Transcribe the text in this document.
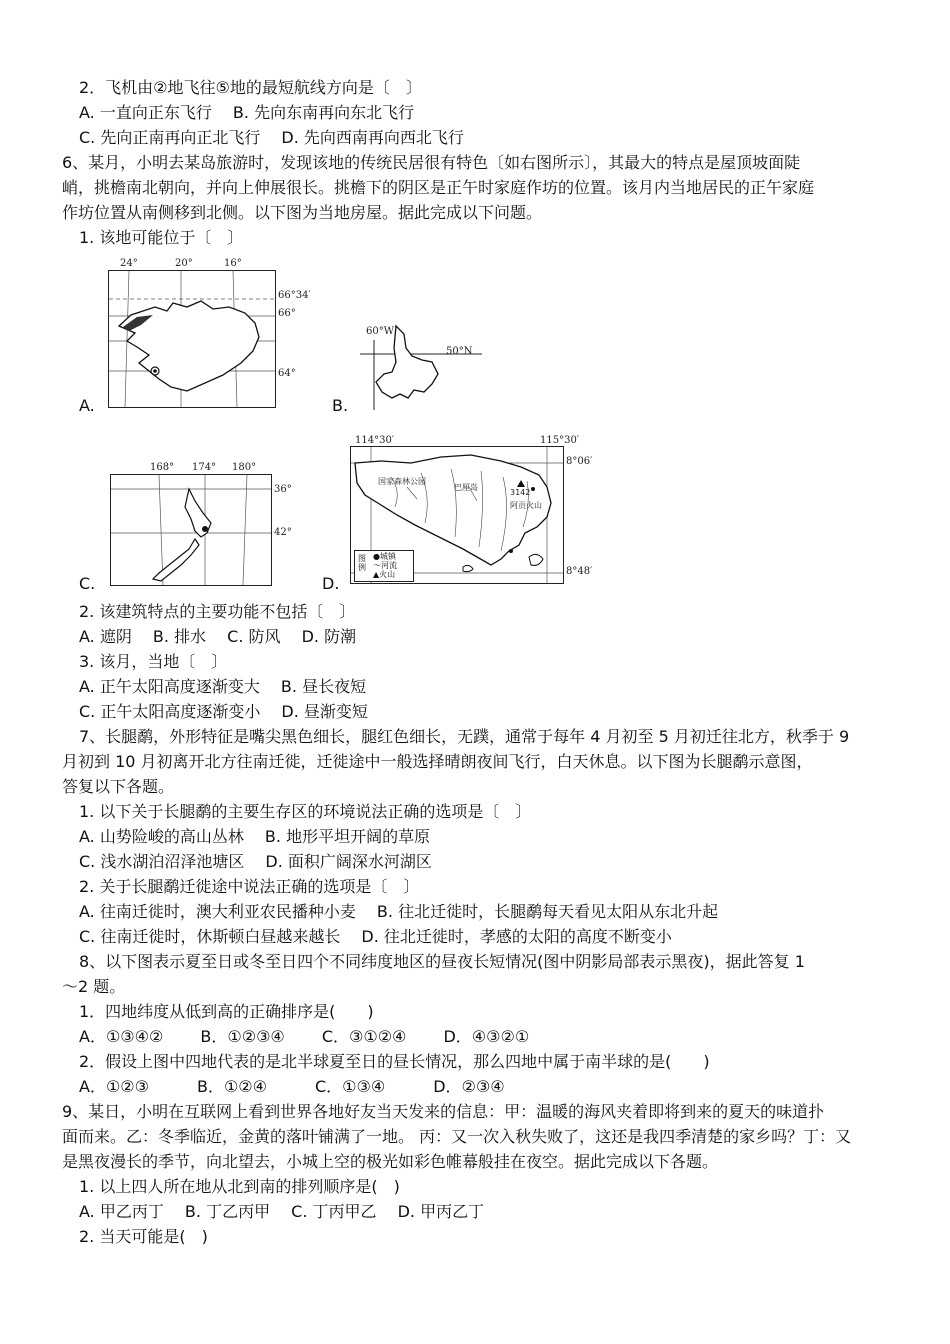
2．飞机由②地飞往⑤地的最短航线方向是〔　〕
A. 一直向正东飞行　 B. 先向东南再向东北飞行
C. 先向正南再向正北飞行　 D. 先向西南再向西北飞行
6、某月，小明去某岛旅游时，发现该地的传统民居很有特色〔如右图所示〕，其最大的特点是屋顶坡面陡
峭，挑檐南北朝向，并向上伸展很长。挑檐下的阴区是正午时家庭作坊的位置。该月内当地居民的正午家庭
作坊位置从南侧移到北侧。以下图为当地房屋。据此完成以下问题。
1. 该地可能位于〔　〕
A.
24°	20°	16°
66°34′
66°
64°
B.
60°W
50°N
C.
168° 174° 180°
36°
42°
D.
114°30′	115°30′
国家森林公园
巴厘岛
3142
阿贡火山
图例
●城镇
〜河流
▲火山
8°06′
8°48′
2. 该建筑特点的主要功能不包括〔　〕
A. 遮阴　 B. 排水　 C. 防风　 D. 防潮
3. 该月，当地〔　〕
A. 正午太阳高度逐渐变大　 B. 昼长夜短
C. 正午太阳高度逐渐变小　 D. 昼渐变短
7、长腿鹬，外形特征是嘴尖黑色细长，腿红色细长，无蹼，通常于每年 4 月初至 5 月初迁往北方，秋季于 9
月初到 10 月初离开北方往南迁徙，迁徙途中一般选择晴朗夜间飞行，白天休息。以下图为长腿鹬示意图，
答复以下各题。
1. 以下关于长腿鹬的主要生存区的环境说法正确的选项是〔　〕
A. 山势险峻的高山丛林　 B. 地形平坦开阔的草原
C. 浅水湖泊沼泽池塘区　 D. 面积广阔深水河湖区
2. 关于长腿鹬迁徙途中说法正确的选项是〔　〕
A. 往南迁徙时，澳大利亚农民播种小麦　 B. 往北迁徙时，长腿鹬每天看见太阳从东北升起
C. 往南迁徙时，休斯顿白昼越来越长　 D. 往北迁徙时，孝感的太阳的高度不断变小
8、以下图表示夏至日或冬至日四个不同纬度地区的昼夜长短情况(图中阴影局部表示黑夜)，据此答复 1
～2 题。
1．四地纬度从低到高的正确排序是(　　)
A．①③④②　　 B．①②③④　　 C．③①②④　　 D．④③②①
2．假设上图中四地代表的是北半球夏至日的昼长情况，那么四地中属于南半球的是(　　)
A．①②③　　　B．①②④　　　C．①③④　　　D．②③④
9、某日，小明在互联网上看到世界各地好友当天发来的信息：甲：温暖的海风夹着即将到来的夏天的味道扑
面而来。乙：冬季临近，金黄的落叶铺满了一地。 丙：又一次入秋失败了，这还是我四季清楚的家乡吗？丁：又
是黑夜漫长的季节，向北望去，小城上空的极光如彩色帷幕般挂在夜空。据此完成以下各题。
1. 以上四人所在地从北到南的排列顺序是(　)
A. 甲乙丙丁　 B. 丁乙丙甲　 C. 丁丙甲乙　 D. 甲丙乙丁
2. 当天可能是(　)
